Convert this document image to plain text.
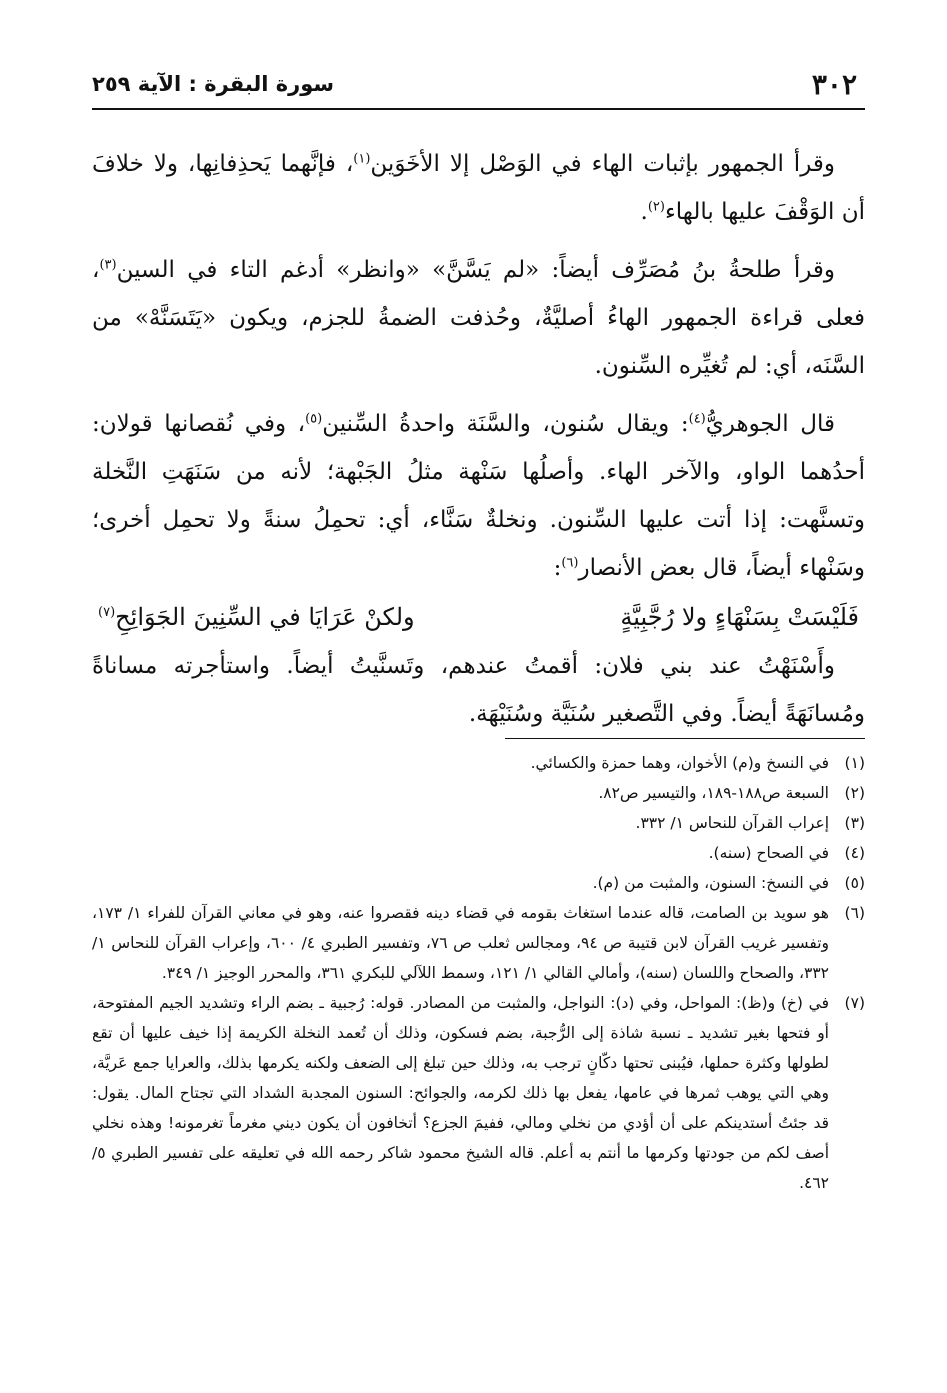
٣٠٢
سورة البقرة : الآية ٢٥٩

وقرأ الجمهور بإثبات الهاء في الوَصْل إلا الأخَوَين$^{(١)}$، فإنَّهما يَحذِفانِها، ولا خلافَ أن الوَقْفَ عليها بالهاء$^{(٢)}$.

وقرأ طلحةُ بنُ مُصَرِّف أيضاً: «لم يَسَّنَّ» «وانظر» أدغم التاء في السين$^{(٣)}$، فعلى قراءة الجمهور الهاءُ أصليَّةٌ، وحُذفت الضمةُ للجزم، ويكون «يَتَسَنَّهْ» من السَّنَه، أي: لم تُغيِّره السِّنون.

قال الجوهريُّ$^{(٤)}$: ويقال سُنون، والسَّنَة واحدةُ السِّنين$^{(٥)}$، وفي نُقصانها قولان: أحدُهما الواو، والآخر الهاء. وأصلُها سَنْهة مثلُ الجَبْهة؛ لأنه من سَنَهَتِ النَّخلة وتسنَّهت: إذا أتت عليها السِّنون. ونخلةٌ سَنَّاء، أي: تحمِلُ سنةً ولا تحمِل أخرى؛ وسَنْهاء أيضاً، قال بعض الأنصار$^{(٦)}$:

فَلَيْسَتْ بِسَنْهَاءٍ ولا رُجَّبِيَّةٍ
ولكنْ عَرَايَا في السِّنِينَ الجَوَائِحِ$^{(٧)}$

وأَسْنَهْتُ عند بني فلان: أقمتُ عندهم، وتَسنَّيتُ أيضاً. واستأجرته مساناةً ومُسانَهَةً أيضاً. وفي التَّصغير سُنَيَّة وسُنَيْهَة.

(١)
في النسخ و(م) الأخوان، وهما حمزة والكسائي.
(٢)
السبعة ص١٨٨-١٨٩، والتيسير ص٨٢.
(٣)
إعراب القرآن للنحاس ١/ ٣٣٢.
(٤)
في الصحاح (سنه).
(٥)
في النسخ: السنون، والمثبت من (م).
(٦)
هو سويد بن الصامت، قاله عندما استغاث بقومه في قضاء دينه فقصروا عنه، وهو في معاني القرآن للفراء ١/ ١٧٣، وتفسير غريب القرآن لابن قتيبة ص ٩٤، ومجالس ثعلب ص ٧٦، وتفسير الطبري ٤/ ٦٠٠، وإعراب القرآن للنحاس ١/ ٣٣٢، والصحاح واللسان (سنه)، وأمالي القالي ١/ ١٢١، وسمط اللآلي للبكري ٣٦١، والمحرر الوجيز ١/ ٣٤٩.
(٧)
في (خ) و(ظ): المواحل، وفي (د): النواجل، والمثبت من المصادر. قوله: رُجبية ـ بضم الراء وتشديد الجيم المفتوحة، أو فتحها بغير تشديد ـ نسبة شاذة إلى الرُّجبة، بضم فسكون، وذلك أن تُعمد النخلة الكريمة إذا خيف عليها أن تقع لطولها وكثرة حملها، فيُبنى تحتها دكّانٍ ترجب به، وذلك حين تبلغ إلى الضعف ولكنه يكرمها بذلك، والعرايا جمع عَريَّة، وهي التي يوهب ثمرها في عامها، يفعل بها ذلك لكرمه، والجوائح: السنون المجدبة الشداد التي تجتاح المال. يقول: قد جئتُ أستدينكم على أن أؤدي من نخلي ومالي، ففيمَ الجزع؟ أتخافون أن يكون ديني مغرماً تغرمونه! وهذه نخلي أصف لكم من جودتها وكرمها ما أنتم به أعلم. قاله الشيخ محمود شاكر رحمه الله في تعليقه على تفسير الطبري ٥/ ٤٦٢.
